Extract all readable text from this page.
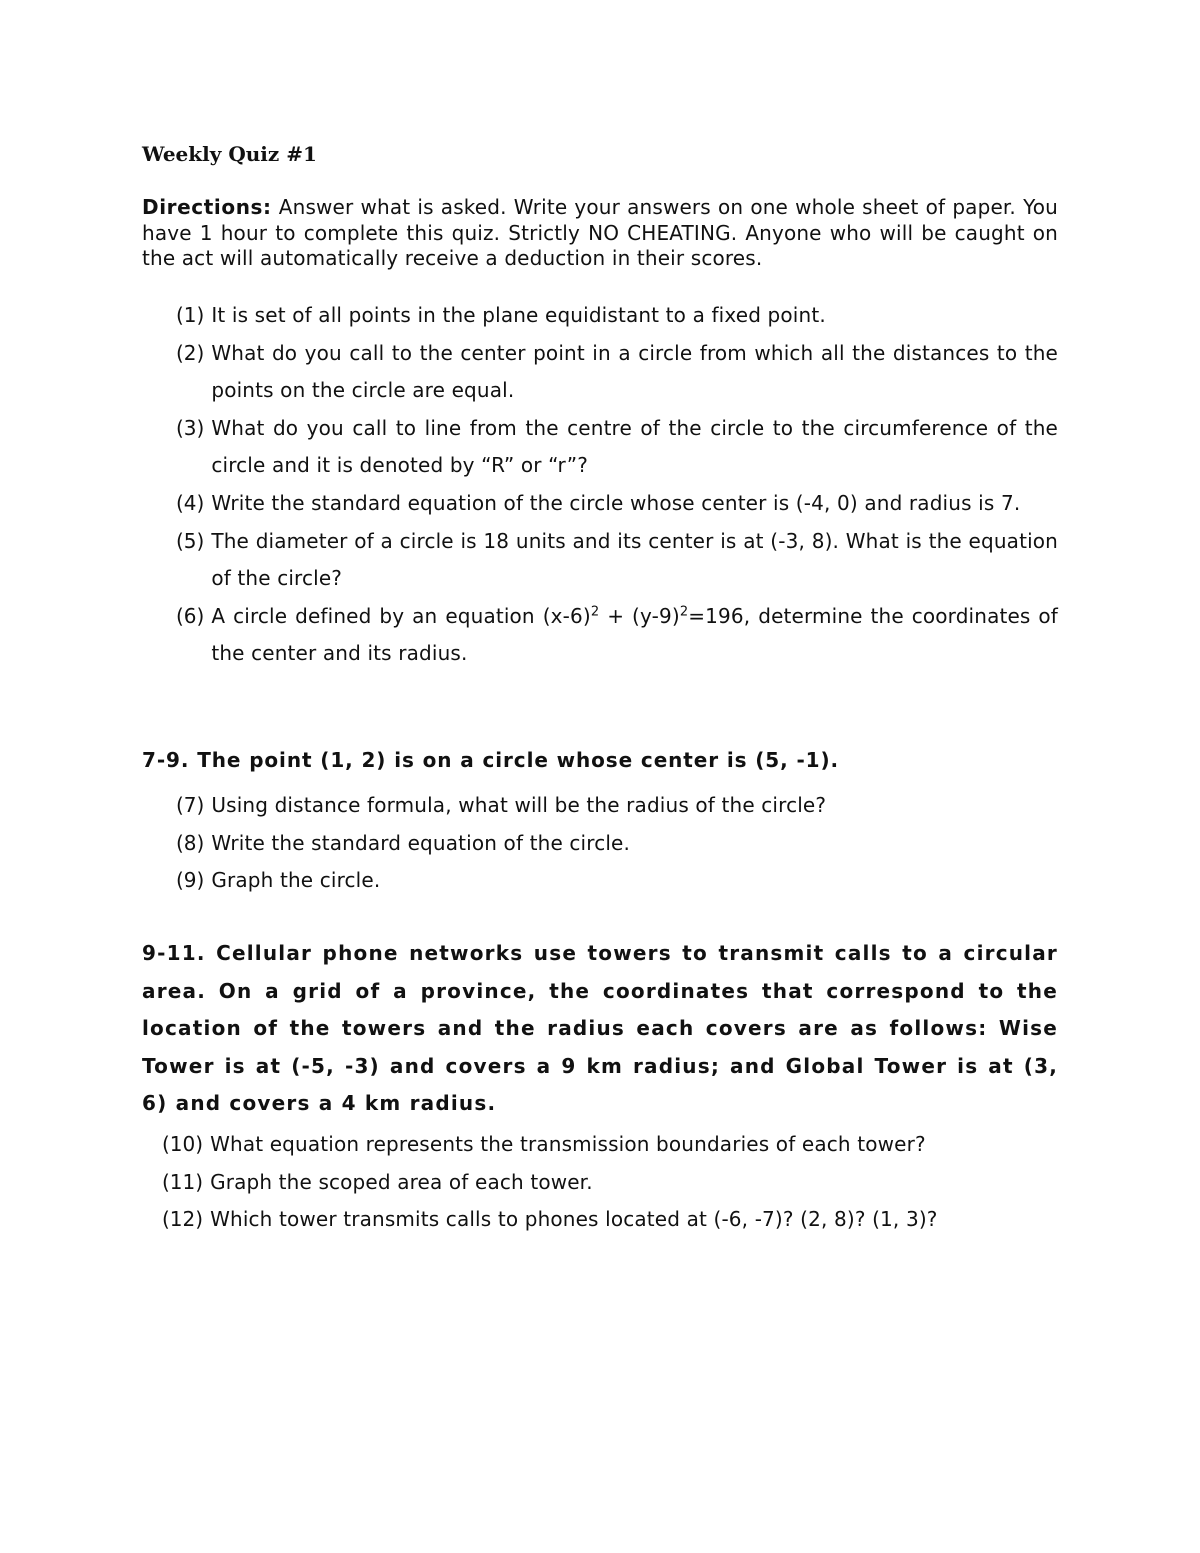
Weekly Quiz #1

Directions: Answer what is asked. Write your answers on one whole sheet of paper. You have 1 hour to complete this quiz. Strictly NO CHEATING. Anyone who will be caught on the act will automatically receive a deduction in their scores.

(1) It is set of all points in the plane equidistant to a fixed point.
(2) What do you call to the center point in a circle from which all the distances to the points on the circle are equal.
(3) What do you call to line from the centre of the circle to the circumference of the circle and it is denoted by “R” or “r”?
(4) Write the standard equation of the circle whose center is (-4, 0) and radius is 7.
(5) The diameter of a circle is 18 units and its center is at (-3, 8). What is the equation of the circle?
(6) A circle defined by an equation $(x-6)^2 + (y-9)^2=196$, determine the coordinates of the center and its radius.
7-9. The point (1, 2) is on a circle whose center is (5, -1).
(7) Using distance formula, what will be the radius of the circle?
(8) Write the standard equation of the circle.
(9) Graph the circle.
9-11. Cellular phone networks use towers to transmit calls to a circular area. On a grid of a province, the coordinates that correspond to the location of the towers and the radius each covers are as follows: Wise Tower is at (-5, -3) and covers a 9 km radius; and Global Tower is at (3, 6) and covers a 4 km radius.
(10) What equation represents the transmission boundaries of each tower?
(11) Graph the scoped area of each tower.
(12) Which tower transmits calls to phones located at (-6, -7)? (2, 8)? (1, 3)?
